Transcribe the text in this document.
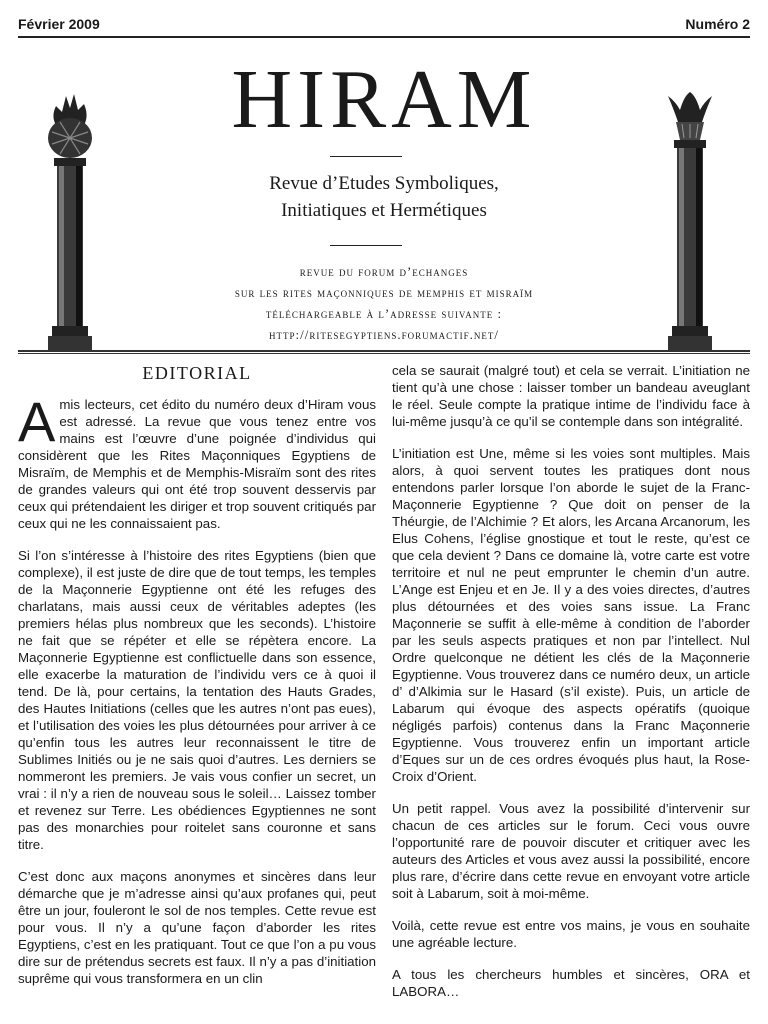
Février 2009	Numéro 2
HIRAM
Revue d’Etudes Symboliques,
Initiatiques et Hermétiques
revue du forum d’echanges
sur les rites maçonniques de memphis et misraïm
téléchargeable à l’adresse suivante :
http://ritesegyptiens.forumactif.net/
EDITORIAL

Amis lecteurs, cet édito du numéro deux d’Hiram vous est adressé. La revue que vous tenez entre vos mains est l’œuvre d’une poignée d’individus qui considèrent que les Rites Maçonniques Egyptiens de Misraïm, de Memphis et de Memphis-Misraïm sont des rites de grandes valeurs qui ont été trop souvent desservis par ceux qui prétendaient les diriger et trop souvent critiqués par ceux qui ne les connaissaient pas.

Si l’on s’intéresse à l’histoire des rites Egyptiens (bien que complexe), il est juste de dire que de tout temps, les temples de la Maçonnerie Egyptienne ont été les refuges des charlatans, mais aussi ceux de véritables adeptes (les premiers hélas plus nombreux que les seconds). L’histoire ne fait que se répéter et elle se répètera encore. La Maçonnerie Egyptienne est conflictuelle dans son essence, elle exacerbe la maturation de l’individu vers ce à quoi il tend. De là, pour certains, la tentation des Hauts Grades, des Hautes Initiations (celles que les autres n’ont pas eues), et l’utilisation des voies les plus détournées pour arriver à ce qu’enfin tous les autres leur reconnaissent le titre de Sublimes Initiés ou je ne sais quoi d’autres. Les derniers se nommeront les premiers. Je vais vous confier un secret, un vrai : il n’y a rien de nouveau sous le soleil… Laissez tomber et revenez sur Terre. Les obédiences Egyptiennes ne sont pas des monarchies pour roitelet sans couronne et sans titre.

C’est donc aux maçons anonymes et sincères dans leur démarche que je m’adresse ainsi qu’aux profanes qui, peut être un jour, fouleront le sol de nos temples. Cette revue est pour vous. Il n’y a qu’une façon d’aborder les rites Egyptiens, c’est en les pratiquant. Tout ce que l’on a pu vous dire sur de prétendus secrets est faux. Il n’y a pas d’initiation suprême qui vous transformera en un clin

cela se saurait (malgré tout) et cela se verrait. L’initiation ne tient qu’à une chose : laisser tomber un bandeau aveuglant le réel. Seule compte la pratique intime de l’individu face à lui-même jusqu’à ce qu’il se contemple dans son intégralité.

L’initiation est Une, même si les voies sont multiples. Mais alors, à quoi servent toutes les pratiques dont nous entendons parler lorsque l’on aborde le sujet de la Franc-Maçonnerie Egyptienne ? Que doit on penser de la Théurgie, de l’Alchimie ? Et alors, les Arcana Arcanorum, les Elus Cohens, l’église gnostique et tout le reste, qu’est ce que cela devient ? Dans ce domaine là, votre carte est votre territoire et nul ne peut emprunter le chemin d’un autre. L’Ange est Enjeu et en Je. Il y a des voies directes, d’autres plus détournées et des voies sans issue. La Franc Maçonnerie se suffit à elle-même à condition de l’aborder par les seuls aspects pratiques et non par l’intellect. Nul Ordre quelconque ne détient les clés de la Maçonnerie Egyptienne. Vous trouverez dans ce numéro deux, un article d’ d’Alkimia sur le Hasard (s’il existe). Puis, un article de Labarum qui évoque des aspects opératifs (quoique négligés parfois) contenus dans la Franc Maçonnerie Egyptienne. Vous trouverez enfin un important article d’Eques sur un de ces ordres évoqués plus haut, la Rose-Croix d’Orient.

Un petit rappel. Vous avez la possibilité d’intervenir sur chacun de ces articles sur le forum. Ceci vous ouvre l’opportunité rare de pouvoir discuter et critiquer avec les auteurs des Articles et vous avez aussi la possibilité, encore plus rare, d’écrire dans cette revue en envoyant votre article soit à Labarum, soit à moi-même.

Voilà, cette revue est entre vos mains, je vous en souhaite une agréable lecture.

A tous les chercheurs humbles et sincères, ORA et LABORA…
